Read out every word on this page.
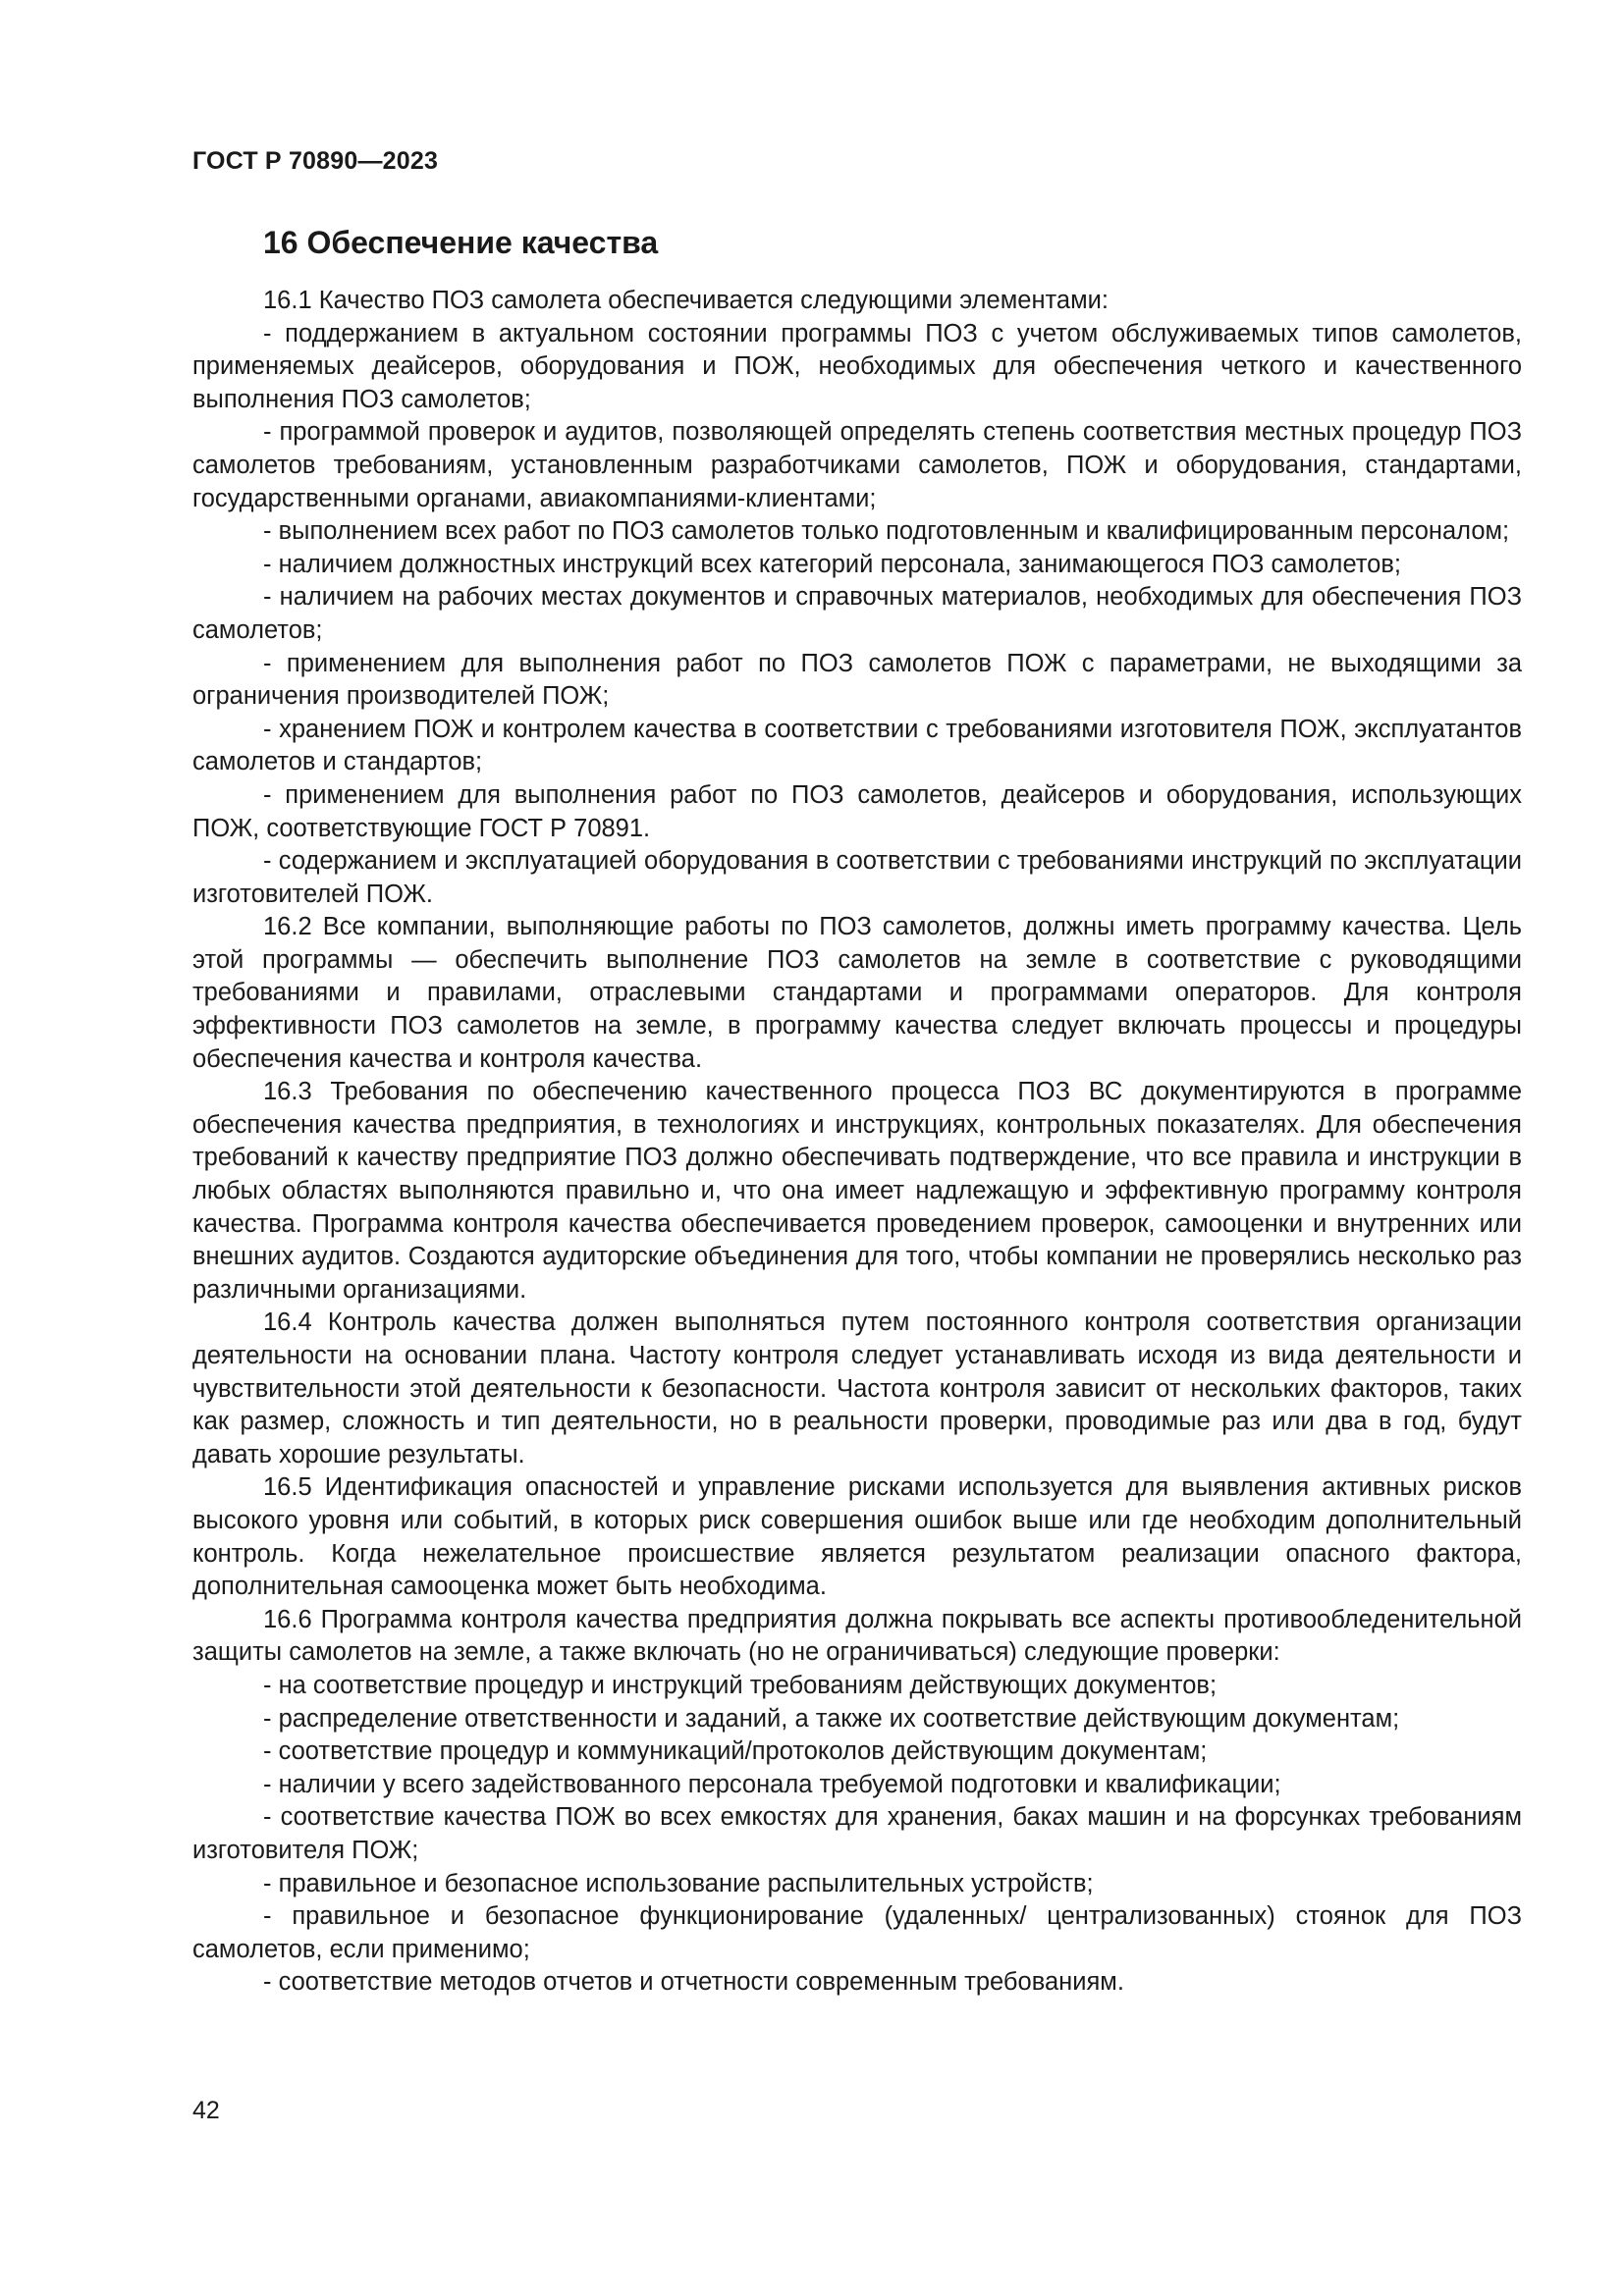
ГОСТ Р 70890—2023
16 Обеспечение качества

16.1 Качество ПОЗ самолета обеспечивается следующими элементами:

- поддержанием в актуальном состоянии программы ПОЗ с учетом обслуживаемых типов самолетов, применяемых деайсеров, оборудования и ПОЖ, необходимых для обеспечения четкого и качественного выполнения ПОЗ самолетов;

- программой проверок и аудитов, позволяющей определять степень соответствия местных процедур ПОЗ самолетов требованиям, установленным разработчиками самолетов, ПОЖ и оборудования, стандартами, государственными органами, авиакомпаниями-клиентами;

- выполнением всех работ по ПОЗ самолетов только подготовленным и квалифицированным персоналом;

- наличием должностных инструкций всех категорий персонала, занимающегося ПОЗ самолетов;

- наличием на рабочих местах документов и справочных материалов, необходимых для обеспечения ПОЗ самолетов;

- применением для выполнения работ по ПОЗ самолетов ПОЖ с параметрами, не выходящими за ограничения производителей ПОЖ;

- хранением ПОЖ и контролем качества в соответствии с требованиями изготовителя ПОЖ, эксплуатантов самолетов и стандартов;

- применением для выполнения работ по ПОЗ самолетов, деайсеров и оборудования, использующих ПОЖ, соответствующие ГОСТ Р 70891.

- содержанием и эксплуатацией оборудования в соответствии с требованиями инструкций по эксплуатации изготовителей ПОЖ.

16.2 Все компании, выполняющие работы по ПОЗ самолетов, должны иметь программу качества. Цель этой программы — обеспечить выполнение ПОЗ самолетов на земле в соответствие с руководящими требованиями и правилами, отраслевыми стандартами и программами операторов. Для контроля эффективности ПОЗ самолетов на земле, в программу качества следует включать процессы и процедуры обеспечения качества и контроля качества.

16.3 Требования по обеспечению качественного процесса ПОЗ ВС документируются в программе обеспечения качества предприятия, в технологиях и инструкциях, контрольных показателях. Для обеспечения требований к качеству предприятие ПОЗ должно обеспечивать подтверждение, что все правила и инструкции в любых областях выполняются правильно и, что она имеет надлежащую и эффективную программу контроля качества. Программа контроля качества обеспечивается проведением проверок, самооценки и внутренних или внешних аудитов. Создаются аудиторские объединения для того, чтобы компании не проверялись несколько раз различными организациями.

16.4 Контроль качества должен выполняться путем постоянного контроля соответствия организации деятельности на основании плана. Частоту контроля следует устанавливать исходя из вида деятельности и чувствительности этой деятельности к безопасности. Частота контроля зависит от нескольких факторов, таких как размер, сложность и тип деятельности, но в реальности проверки, проводимые раз или два в год, будут давать хорошие результаты.

16.5 Идентификация опасностей и управление рисками используется для выявления активных рисков высокого уровня или событий, в которых риск совершения ошибок выше или где необходим дополнительный контроль. Когда нежелательное происшествие является результатом реализации опасного фактора, дополнительная самооценка может быть необходима.

16.6 Программа контроля качества предприятия должна покрывать все аспекты противообледенительной защиты самолетов на земле, а также включать (но не ограничиваться) следующие проверки:

- на соответствие процедур и инструкций требованиям действующих документов;

- распределение ответственности и заданий, а также их соответствие действующим документам;

- соответствие процедур и коммуникаций/протоколов действующим документам;

- наличии у всего задействованного персонала требуемой подготовки и квалификации;

- соответствие качества ПОЖ во всех емкостях для хранения, баках машин и на форсунках требованиям изготовителя ПОЖ;

- правильное и безопасное использование распылительных устройств;

- правильное и безопасное функционирование (удаленных/ централизованных) стоянок для ПОЗ самолетов, если применимо;

- соответствие методов отчетов и отчетности современным требованиям.

42
